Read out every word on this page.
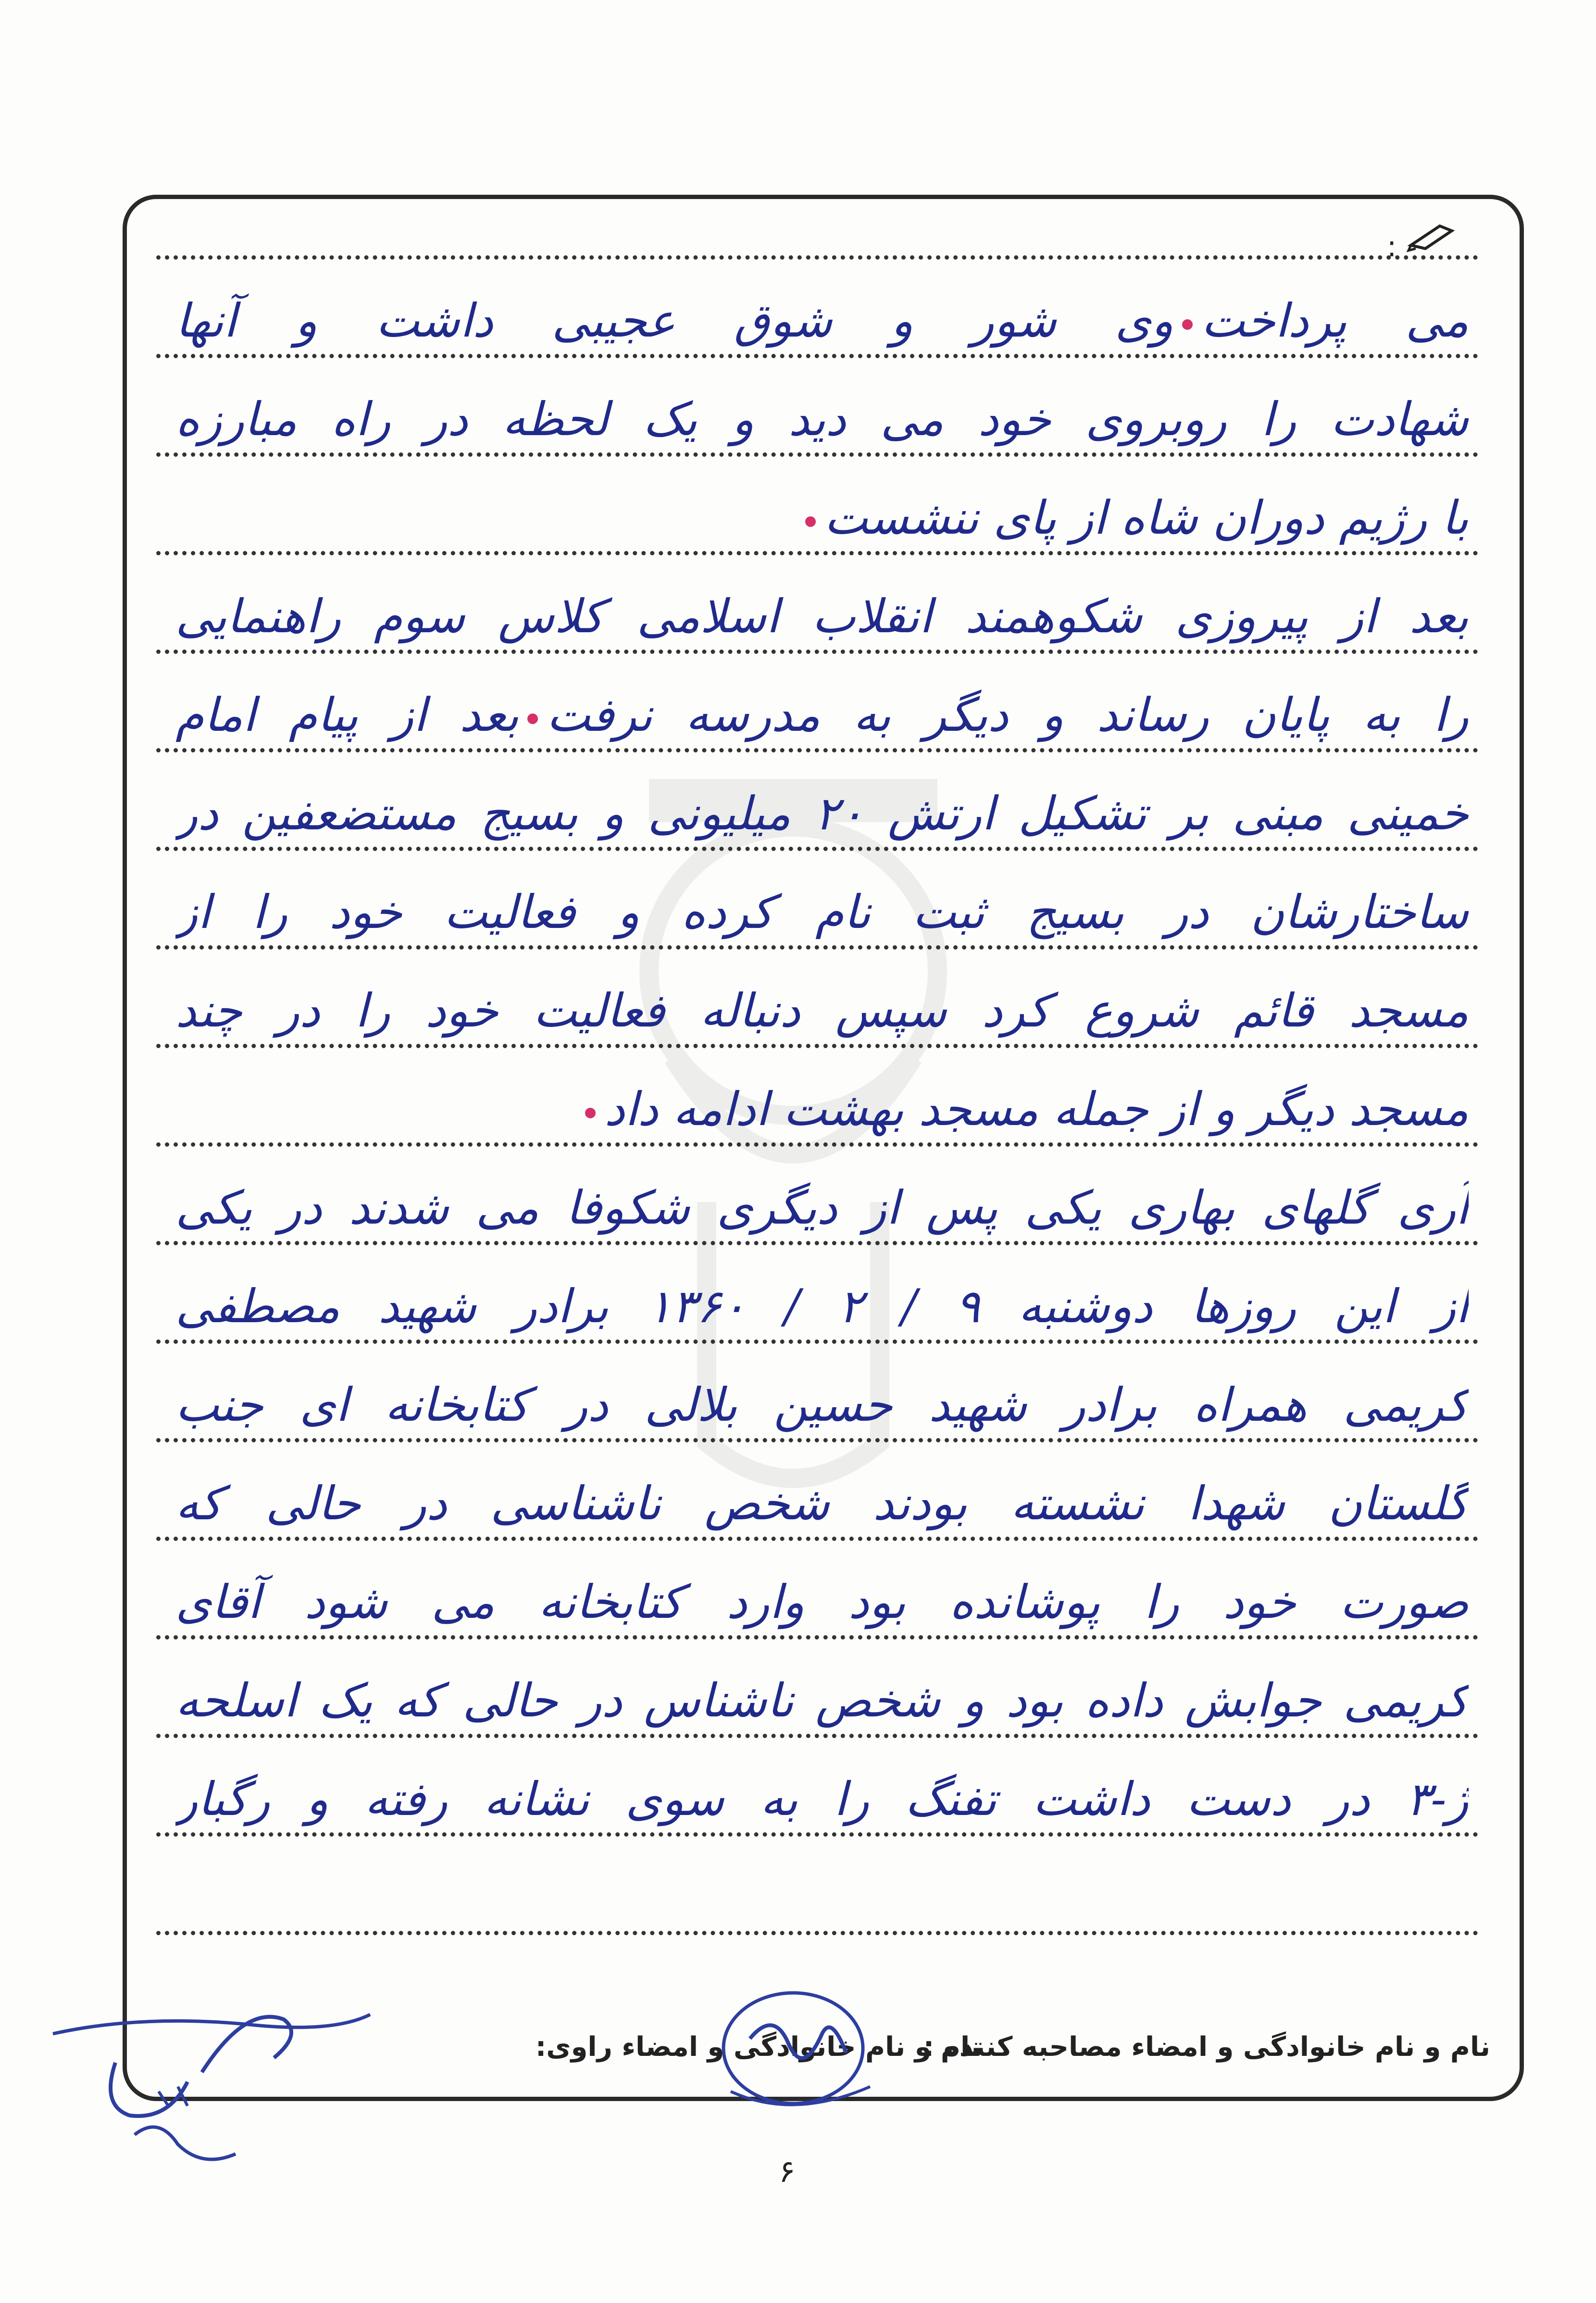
:
می پرداختوی شور و شوق عجیبی داشت و آنها
شهادت را روبروی خود می دید و یک لحظه در راه مبارزه
با رژیم دوران شاه از پای ننشست
بعد از پیروزی شکوهمند انقلاب اسلامی کلاس سوم راهنمایی
را به پایان رساند و دیگر به مدرسه نرفتبعد از پیام امام
خمینی مبنی بر تشکیل ارتش ۲۰ میلیونی و بسیج مستضعفین در
ساختارشان در بسیج ثبت نام کرده و فعالیت خود را از
مسجد قائم شروع کرد سپس دنباله فعالیت خود را در چند
مسجد دیگر و از جمله مسجد بهشت ادامه داد
آری گلهای بهاری یکی پس از دیگری شکوفا می شدند در یکی
از این روزها دوشنبه ۹ / ۲ / ۱۳۶۰ برادر شهید مصطفی
کریمی همراه برادر شهید حسین بلالی در کتابخانه ای جنب
گلستان شهدا نشسته بودند شخص ناشناسی در حالی که
صورت خود را پوشانده بود وارد کتابخانه می شود آقای
کریمی جوابش داده بود و شخص ناشناس در حالی که یک اسلحه
ژ-۳ در دست داشت تفنگ را به سوی نشانه رفته و رگبار
نام و نام خانوادگی و امضاء مصاحبه کننده :
نام و نام خانوادگی و امضاء راوی:
۶
